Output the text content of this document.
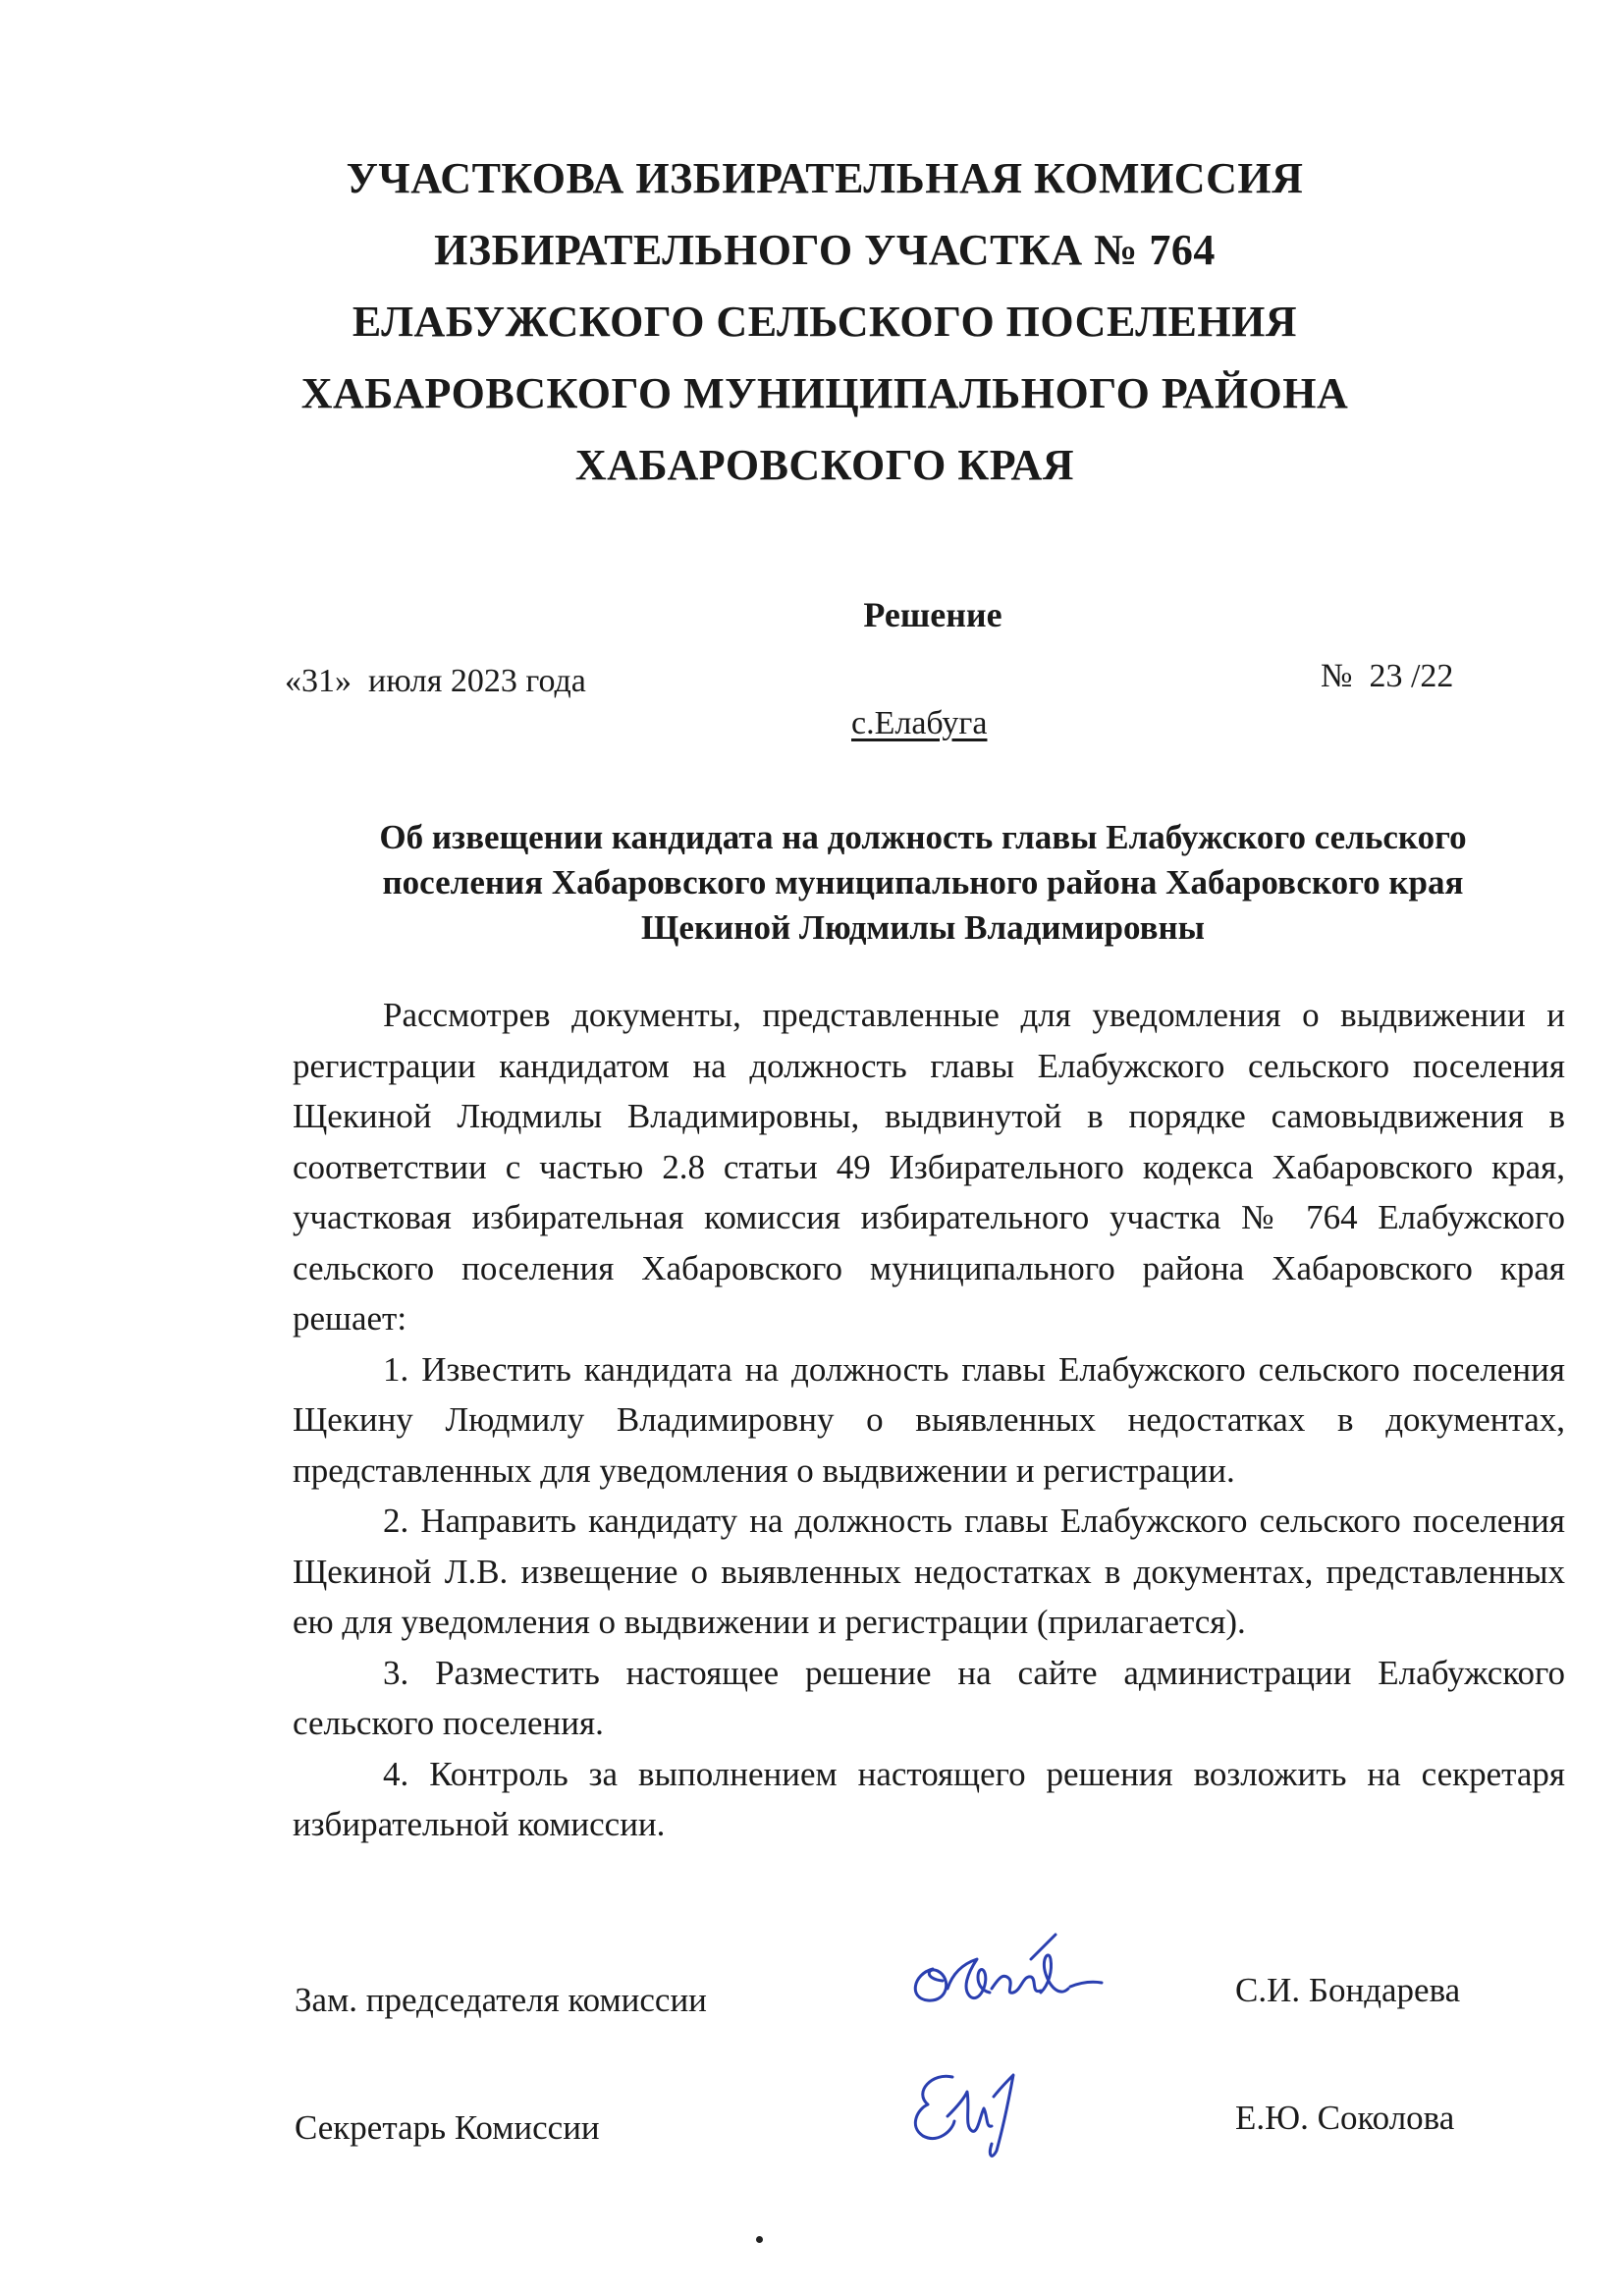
УЧАСТКОВА ИЗБИРАТЕЛЬНАЯ КОМИССИЯ
ИЗБИРАТЕЛЬНОГО УЧАСТКА № 764
ЕЛАБУЖСКОГО СЕЛЬСКОГО ПОСЕЛЕНИЯ
ХАБАРОВСКОГО МУНИЦИПАЛЬНОГО РАЙОНА
ХАБАРОВСКОГО КРАЯ
Решение
«31»  июля 2023 года	№  23 /22
с.Елабуга
Об извещении кандидата на должность главы Елабужского сельского
поселения Хабаровского муниципального района Хабаровского края
Щекиной Людмилы Владимировны

Рассмотрев документы, представленные для уведомления о выдвижении и регистрации кандидатом на должность главы Елабужского сельского поселения Щекиной Людмилы Владимировны, выдвинутой в порядке самовыдвижения в соответствии с частью 2.8 статьи 49 Избирательного кодекса Хабаровского края, участковая избирательная комиссия избирательного участка № 764 Елабужского сельского поселения Хабаровского муниципального района Хабаровского края решает:

1. Известить кандидата на должность главы Елабужского сельского поселения Щекину Людмилу Владимировну о выявленных недостатках в документах, представленных для уведомления о выдвижении и регистрации.

2. Направить кандидату на должность главы Елабужского сельского поселения Щекиной Л.В. извещение о выявленных недостатках в документах, представленных ею для уведомления о выдвижении и регистрации (прилагается).

3. Разместить настоящее решение на сайте администрации Елабужского сельского поселения.

4. Контроль за выполнением настоящего решения возложить на секретаря избирательной комиссии.

Зам. председателя комиссии	С.И. Бондарева
Секретарь Комиссии	Е.Ю. Соколова
